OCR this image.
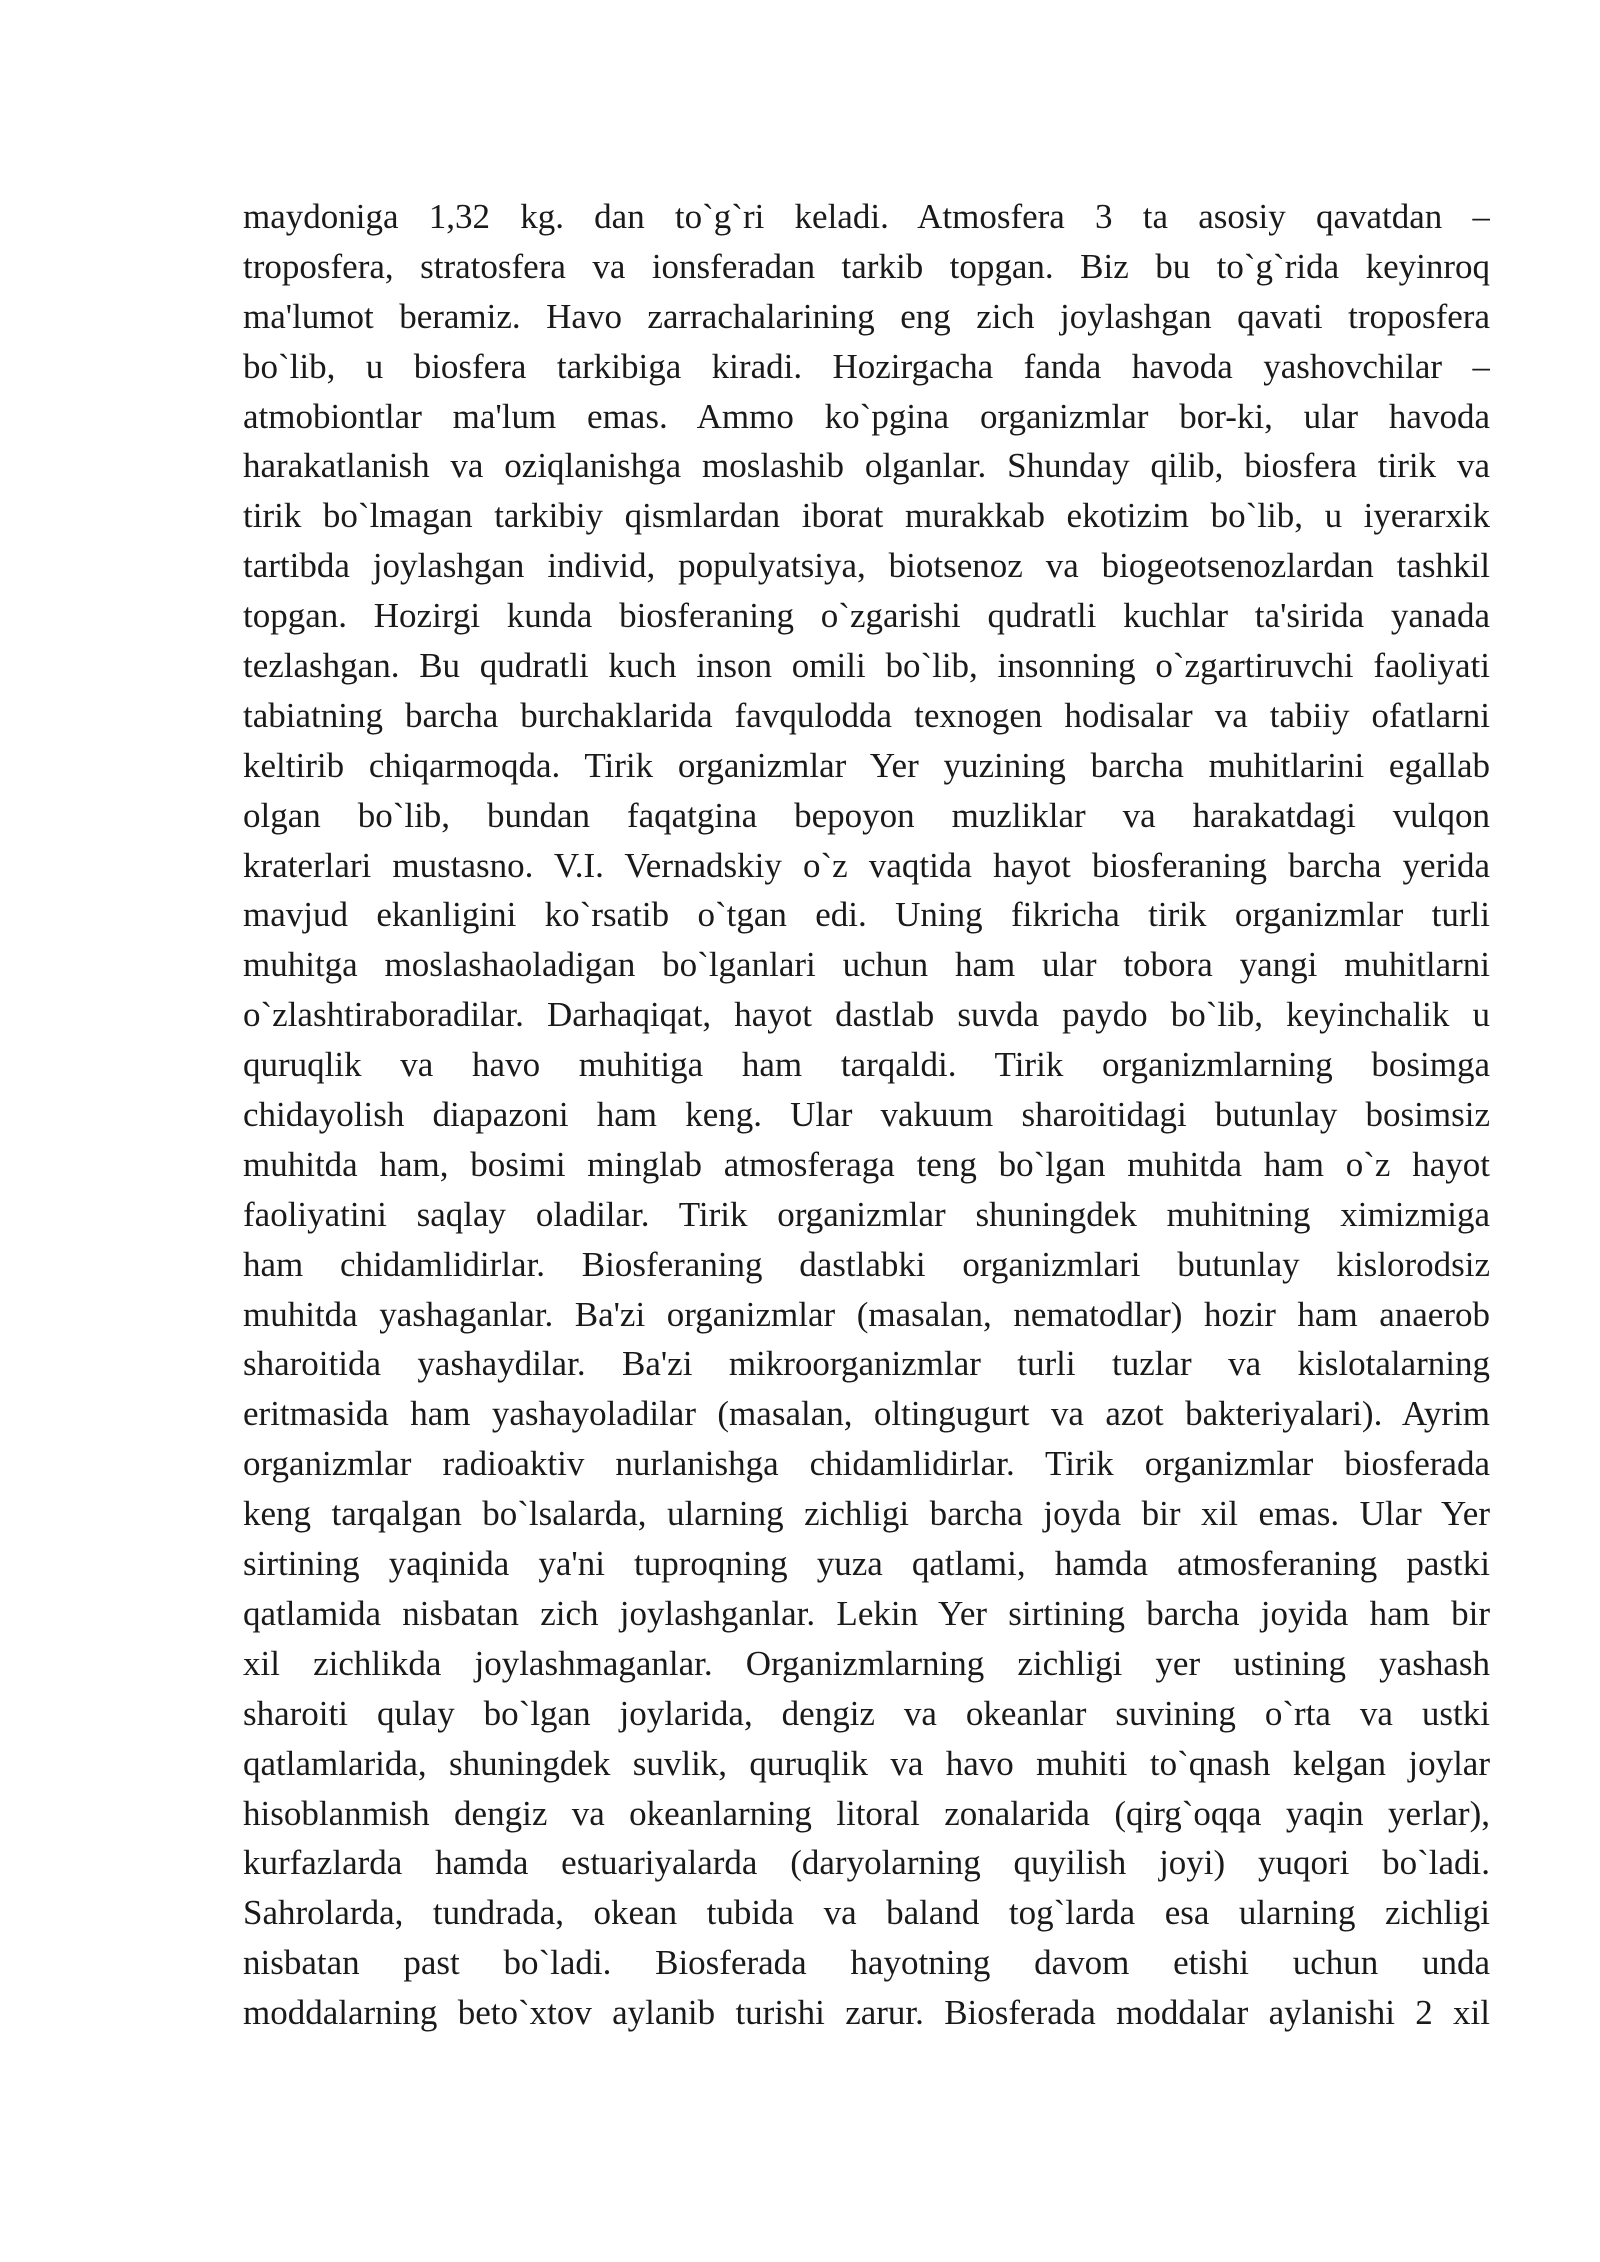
maydoniga 1,32 kg. dan to`g`ri keladi. Atmosfera 3 ta asosiy qavatdan –
troposfera, stratosfera va ionsferadan tarkib topgan. Biz bu to`g`rida keyinroq
ma'lumot beramiz. Havo zarrachalarining eng zich joylashgan qavati troposfera
bo`lib, u biosfera tarkibiga kiradi. Hozirgacha fanda havoda yashovchilar –
atmobiontlar ma'lum emas. Ammo ko`pgina organizmlar bor-ki, ular havoda
harakatlanish va oziqlanishga moslashib olganlar. Shunday qilib, biosfera tirik va
tirik bo`lmagan tarkibiy qismlardan iborat murakkab ekotizim bo`lib, u iyerarxik
tartibda joylashgan individ, populyatsiya, biotsenoz va biogeotsenozlardan tashkil
topgan. Hozirgi kunda biosferaning o`zgarishi qudratli kuchlar ta'sirida yanada
tezlashgan. Bu qudratli kuch inson omili bo`lib, insonning o`zgartiruvchi faoliyati
tabiatning barcha burchaklarida favqulodda texnogen hodisalar va tabiiy ofatlarni
keltirib chiqarmoqda. Tirik organizmlar Yer yuzining barcha muhitlarini egallab
olgan bo`lib, bundan faqatgina bepoyon muzliklar va harakatdagi vulqon
kraterlari mustasno. V.I. Vernadskiy o`z vaqtida hayot biosferaning barcha yerida
mavjud ekanligini ko`rsatib o`tgan edi. Uning fikricha tirik organizmlar turli
muhitga moslashaoladigan bo`lganlari uchun ham ular tobora yangi muhitlarni
o`zlashtiraboradilar. Darhaqiqat, hayot dastlab suvda paydo bo`lib, keyinchalik u
quruqlik va havo muhitiga ham tarqaldi. Tirik organizmlarning bosimga
chidayolish diapazoni ham keng. Ular vakuum sharoitidagi butunlay bosimsiz
muhitda ham, bosimi minglab atmosferaga teng bo`lgan muhitda ham o`z hayot
faoliyatini saqlay oladilar. Tirik organizmlar shuningdek muhitning ximizmiga
ham chidamlidirlar. Biosferaning dastlabki organizmlari butunlay kislorodsiz
muhitda yashaganlar. Ba'zi organizmlar (masalan, nematodlar) hozir ham anaerob
sharoitida yashaydilar. Ba'zi mikroorganizmlar turli tuzlar va kislotalarning
eritmasida ham yashayoladilar (masalan, oltingugurt va azot bakteriyalari). Ayrim
organizmlar radioaktiv nurlanishga chidamlidirlar. Tirik organizmlar biosferada
keng tarqalgan bo`lsalarda, ularning zichligi barcha joyda bir xil emas. Ular Yer
sirtining yaqinida ya'ni tuproqning yuza qatlami, hamda atmosferaning pastki
qatlamida nisbatan zich joylashganlar. Lekin Yer sirtining barcha joyida ham bir
xil zichlikda joylashmaganlar. Organizmlarning zichligi yer ustining yashash
sharoiti qulay bo`lgan joylarida, dengiz va okeanlar suvining o`rta va ustki
qatlamlarida, shuningdek suvlik, quruqlik va havo muhiti to`qnash kelgan joylar
hisoblanmish dengiz va okeanlarning litoral zonalarida (qirg`oqqa yaqin yerlar),
kurfazlarda hamda estuariyalarda (daryolarning quyilish joyi) yuqori bo`ladi.
Sahrolarda, tundrada, okean tubida va baland tog`larda esa ularning zichligi
nisbatan past bo`ladi. Biosferada hayotning davom etishi uchun unda
moddalarning beto`xtov aylanib turishi zarur. Biosferada moddalar aylanishi 2 xil
